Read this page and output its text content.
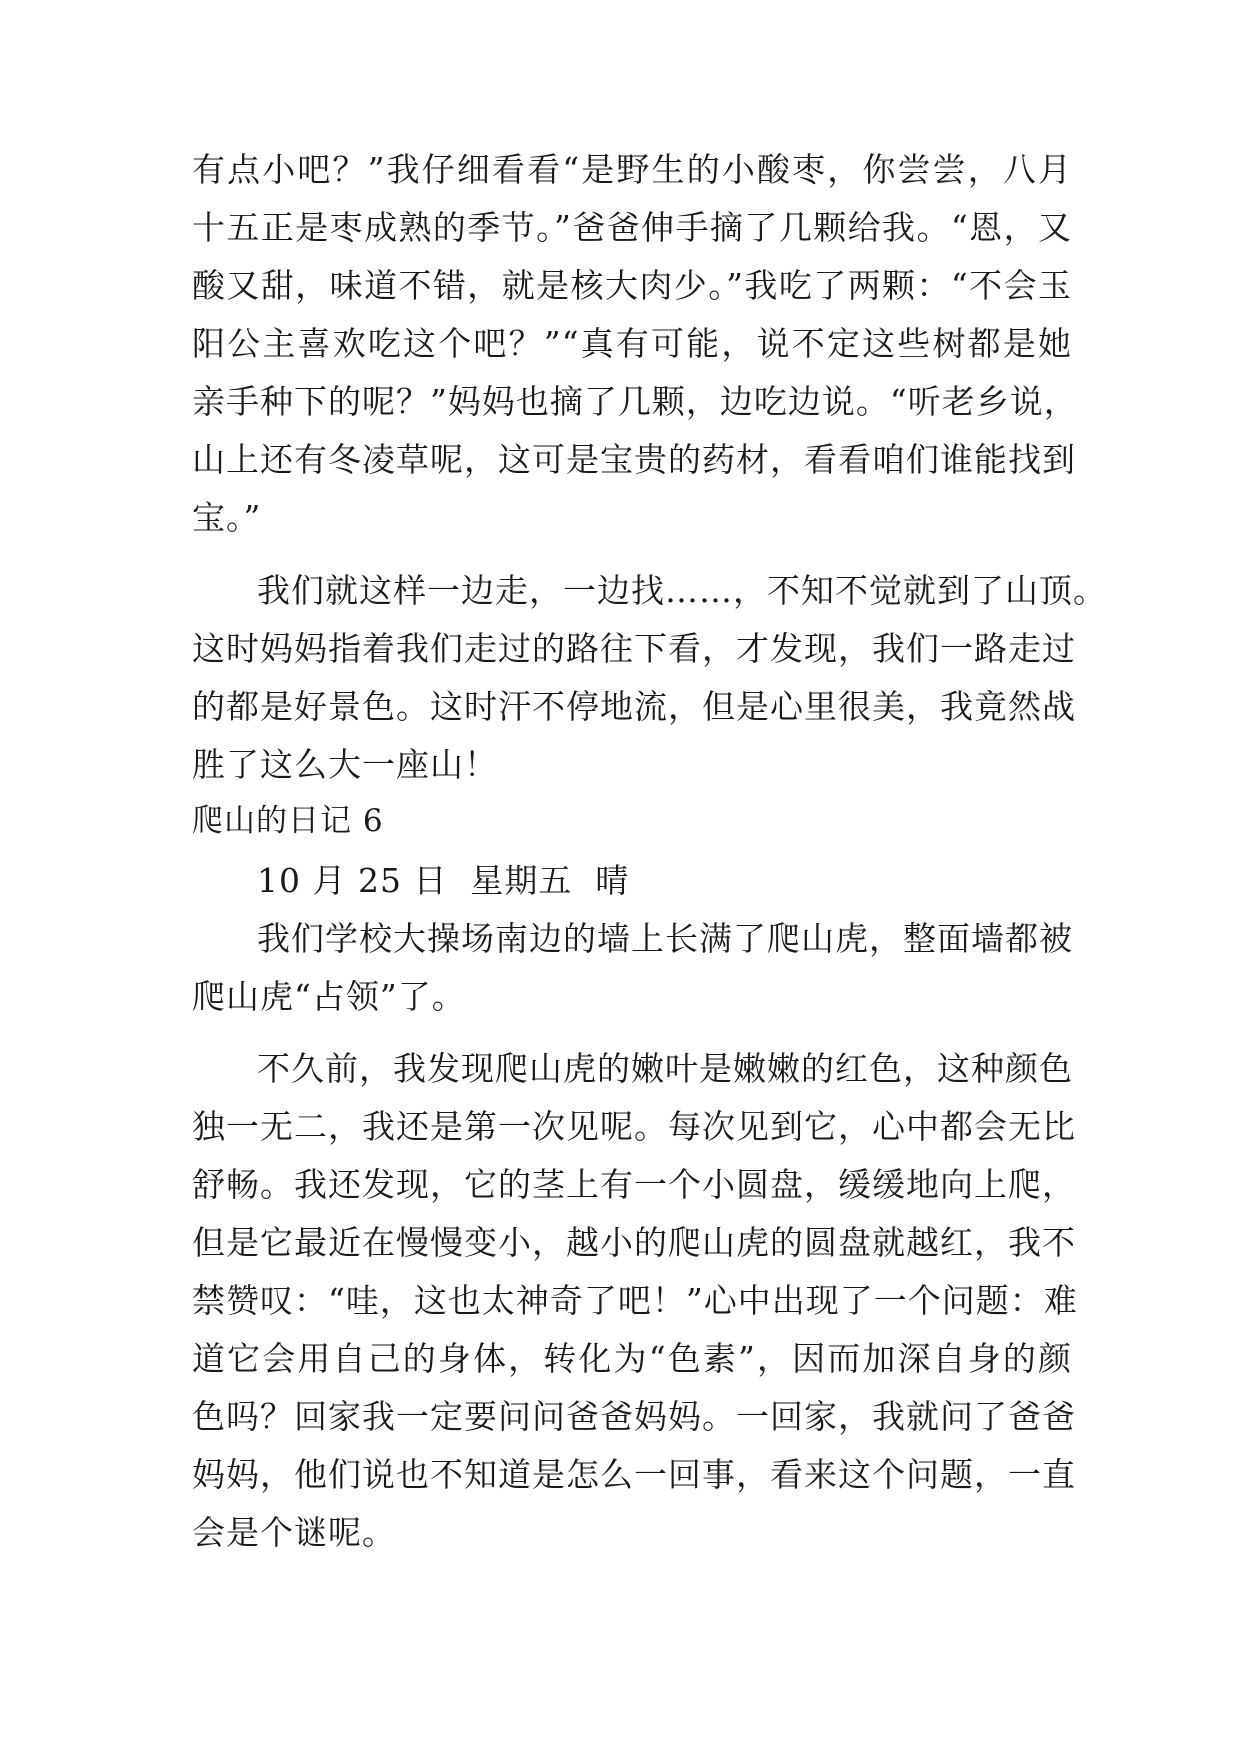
有点小吧？”我仔细看看“是野生的小酸枣，你尝尝，八月
十五正是枣成熟的季节。”爸爸伸手摘了几颗给我。“恩，又
酸又甜，味道不错，就是核大肉少。”我吃了两颗：“不会玉
阳公主喜欢吃这个吧？”“真有可能，说不定这些树都是她
亲手种下的呢？”妈妈也摘了几颗，边吃边说。“听老乡说，
山上还有冬凌草呢，这可是宝贵的药材，看看咱们谁能找到
宝。”
我们就这样一边走，一边找……，不知不觉就到了山顶。
这时妈妈指着我们走过的路往下看，才发现，我们一路走过
的都是好景色。这时汗不停地流，但是心里很美，我竟然战
胜了这么大一座山！
爬山的日记 6
10 月 25 日  星期五  晴
我们学校大操场南边的墙上长满了爬山虎，整面墙都被
爬山虎“占领”了。
不久前，我发现爬山虎的嫩叶是嫩嫩的红色，这种颜色
独一无二，我还是第一次见呢。每次见到它，心中都会无比
舒畅。我还发现，它的茎上有一个小圆盘，缓缓地向上爬，
但是它最近在慢慢变小，越小的爬山虎的圆盘就越红，我不
禁赞叹：“哇，这也太神奇了吧！”心中出现了一个问题：难
道它会用自己的身体，转化为“色素”，因而加深自身的颜
色吗？回家我一定要问问爸爸妈妈。一回家，我就问了爸爸
妈妈，他们说也不知道是怎么一回事，看来这个问题，一直
会是个谜呢。
